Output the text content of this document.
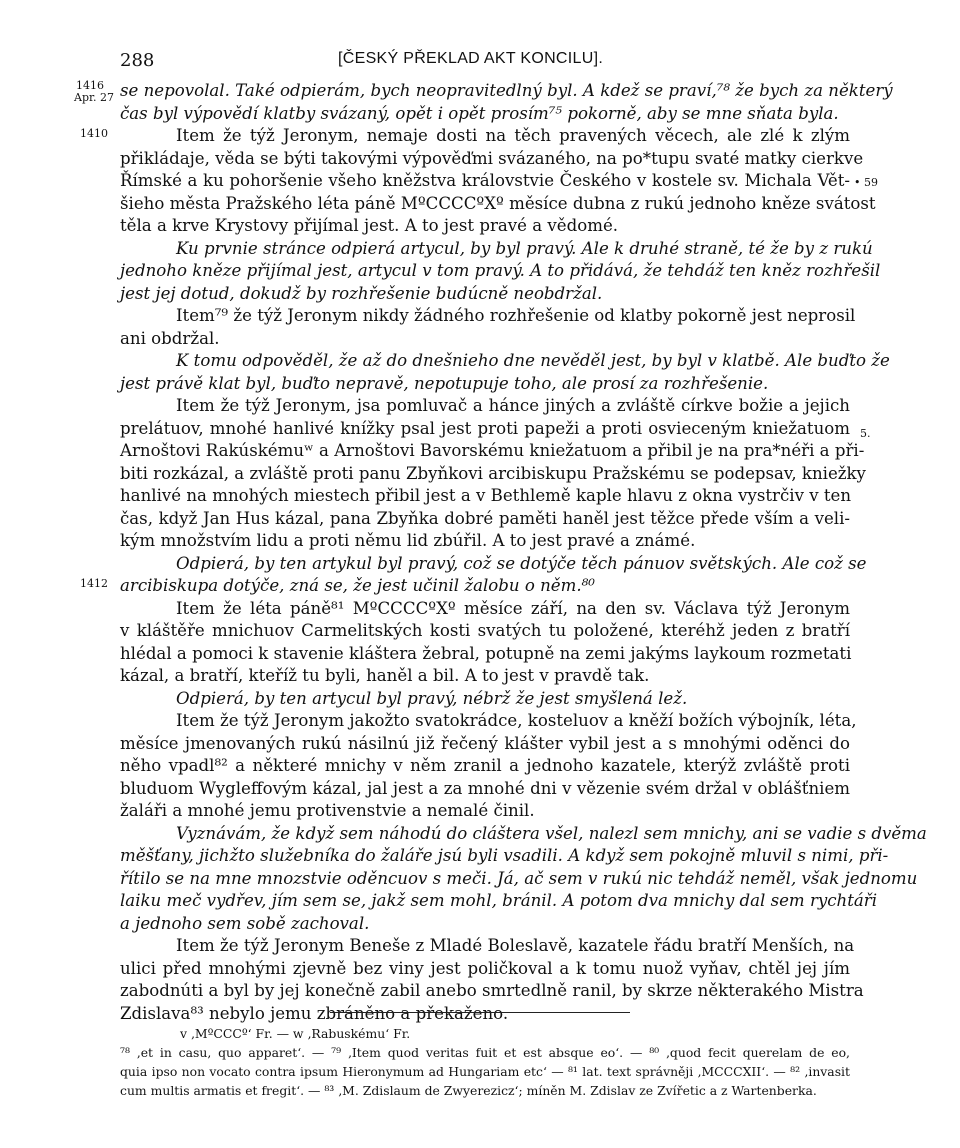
288	[ČESKÝ PŘEKLAD AKT KONCILU].
1416
Apr. 27
1410
1412
• 59
5.
se nepovolal. Také odpierám, bych neopravitedlný byl. A kdež se praví,⁷⁸ že bych za některý
čas byl výpovědí klatby svázaný, opět i opět prosím⁷⁵ pokorně, aby se mne sňata byla.
Item že týž Jeronym, nemaje dosti na těch pravených věcech, ale zlé k zlým
přikládaje, věda se býti takovými výpověďmi svázaného, na po*tupu svaté matky cierkve
Římské a ku pohoršenie všeho kněžstva královstvie Českého v kostele sv. Michala Vět-
šieho města Pražského léta páně MºCCCCºXº měsíce dubna z rukú jednoho kněze svátost
těla a krve Krystovy přijímal jest. A to jest pravé a vědomé.
Ku prvnie stránce odpierá artycul, by byl pravý. Ale k druhé straně, té že by z rukú
jednoho kněze přijímal jest, artycul v tom pravý. A to přidává, že tehdáž ten kněz rozhřešil
jest jej dotud, dokudž by rozhřešenie budúcně neobdržal.
Item⁷⁹ že týž Jeronym nikdy žádného rozhřešenie od klatby pokorně jest neprosil
ani obdržal.
K tomu odpověděl, že až do dnešnieho dne nevěděl jest, by byl v klatbě. Ale buďto že
jest právě klat byl, buďto nepravě, nepotupuje toho, ale prosí za rozhřešenie.
Item že týž Jeronym, jsa pomluvač a hánce jiných a zvláště církve božie a jejich
prelátuov, mnohé hanlivé knížky psal jest proti papeži a proti osvieceným kniežatuom
Arnoštovi Rakúskémuʷ a Arnoštovi Bavorskému kniežatuom a přibil je na pra*néři a při-
biti rozkázal, a zvláště proti panu Zbyňkovi arcibiskupu Pražskému se podepsav, kniežky
hanlivé na mnohých miestech přibil jest a v Bethlemě kaple hlavu z okna vystrčiv v ten
čas, když Jan Hus kázal, pana Zbyňka dobré paměti haněl jest těžce přede vším a veli-
kým množstvím lidu a proti němu lid zbúřil. A to jest pravé a známé.
Odpierá, by ten artykul byl pravý, což se dotýče těch pánuov světských. Ale což se
arcibiskupa dotýče, zná se, že jest učinil žalobu o něm.⁸⁰
Item že léta páně⁸¹ MºCCCCºXº měsíce září, na den sv. Václava týž Jeronym
v kláštěře mnichuov Carmelitských kosti svatých tu položené, kteréhž jeden z bratří
hlédal a pomoci k stavenie kláštera žebral, potupně na zemi jakýms laykoum rozmetati
kázal, a bratří, kteříž tu byli, haněl a bil. A to jest v pravdě tak.
Odpierá, by ten artycul byl pravý, nébrž že jest smyšlená lež.
Item že týž Jeronym jakožto svatokrádce, kosteluov a kněží božích výbojník, léta,
měsíce jmenovaných rukú násilnú již řečený klášter vybil jest a s mnohými oděnci do
něho vpadl⁸² a některé mnichy v něm zranil a jednoho kazatele, kterýž zvláště proti
bluduom Wygleffovým kázal, jal jest a za mnohé dni v vězenie svém držal v oblášťniem
žaláři a mnohé jemu protivenstvie a nemalé činil.
Vyznávám, že když sem náhodú do cláštera všel, nalezl sem mnichy, ani se vadie s dvěma
měšťany, jichžto služebníka do žaláře jsú byli vsadili. A když sem pokojně mluvil s nimi, při-
řítilo se na mne mnozstvie oděncuov s meči. Já, ač sem v rukú nic tehdáž neměl, však jednomu
laiku meč vydřev, jím sem se, jakž sem mohl, bránil. A potom dva mnichy dal sem rychtáři
a jednoho sem sobě zachoval.
Item že týž Jeronym Beneše z Mladé Boleslavě, kazatele řádu bratří Menších, na
ulici před mnohými zjevně bez viny jest poličkoval a k tomu nuož vyňav, chtěl jej jím
zabodnúti a byl by jej konečně zabil anebo smrtedlně ranil, by skrze některakého Mistra
Zdislava⁸³ nebylo jemu zbráněno a překaženo.
v ‚MºCCCº‘ Fr. — w ‚Rabuskému‘ Fr.
⁷⁸ ‚et in casu, quo apparet‘. — ⁷⁹ ‚Item quod veritas fuit et est absque eo‘. — ⁸⁰ ‚quod fecit querelam de eo,
quia ipso non vocato contra ipsum Hieronymum ad Hungariam etc‘ — ⁸¹ lat. text správněji ‚MCCCXII‘. — ⁸² ‚invasit
cum multis armatis et fregit‘. — ⁸³ ‚M. Zdislaum de Zwyerezicz‘; míněn M. Zdislav ze Zvířetic a z Wartenberka.
